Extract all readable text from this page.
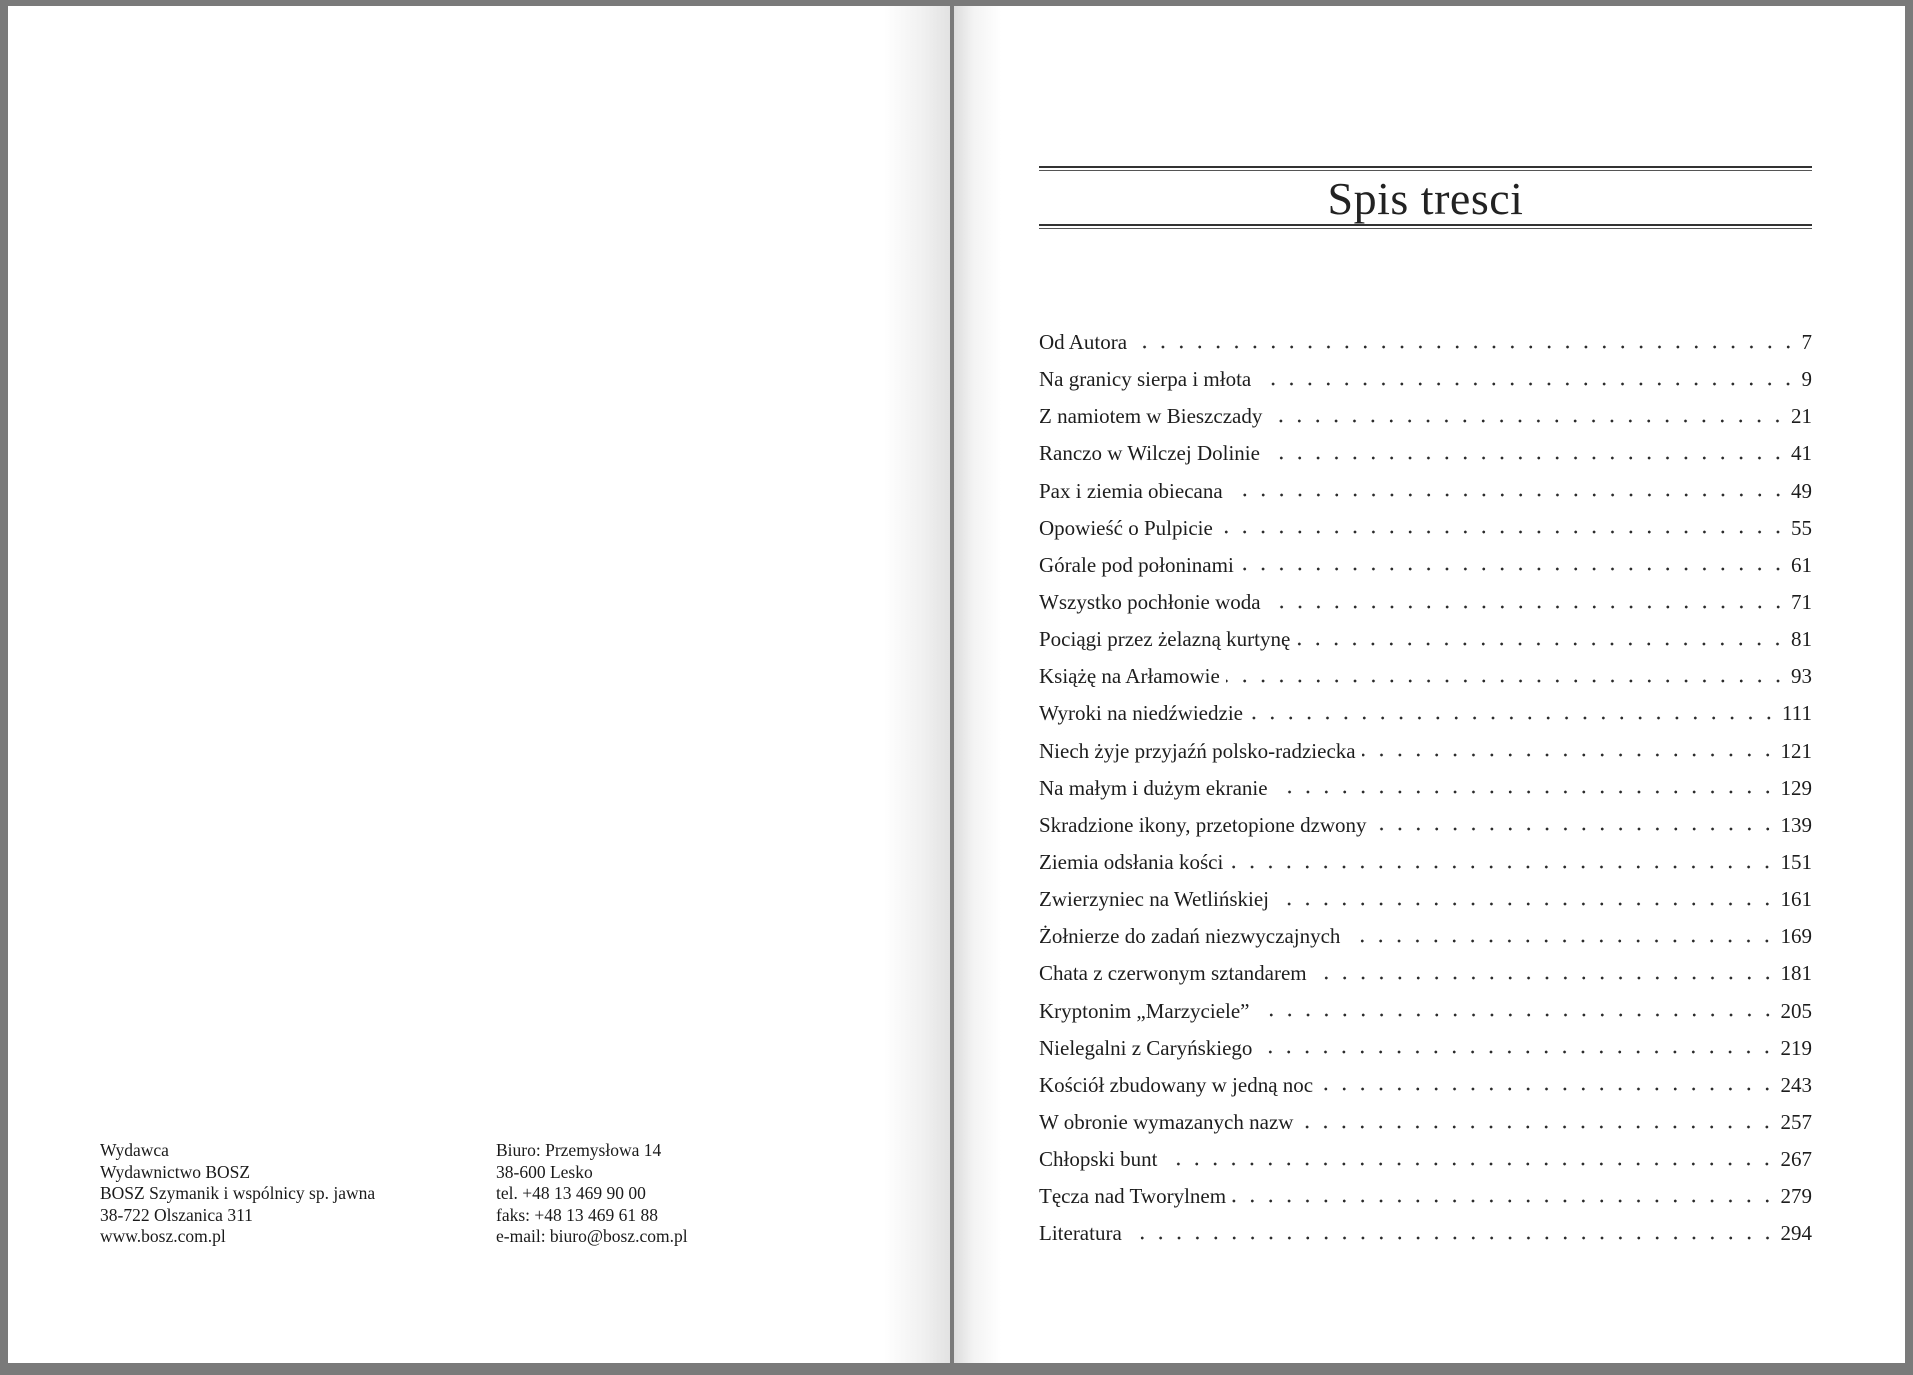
Wydawca
Wydawnictwo BOSZ
BOSZ Szymanik i wspólnicy sp. jawna
38-722 Olszanica 311
www.bosz.com.pl
Biuro: Przemysłowa 14
38-600 Lesko
tel. +48 13 469 90 00
faks: +48 13 469 61 88
e-mail: biuro@bosz.com.pl
Spis tresci
Od Autora	7
Na granicy sierpa i młota	9
Z namiotem w Bieszczady	21
Ranczo w Wilczej Dolinie	41
Pax i ziemia obiecana	49
Opowieść o Pulpicie	55
Górale pod połoninami	61
Wszystko pochłonie woda	71
Pociągi przez żelazną kurtynę	81
Książę na Arłamowie	93
Wyroki na niedźwiedzie	111
Niech żyje przyjaźń polsko-radziecka	121
Na małym i dużym ekranie	129
Skradzione ikony, przetopione dzwony	139
Ziemia odsłania kości	151
Zwierzyniec na Wetlińskiej	161
Żołnierze do zadań niezwyczajnych	169
Chata z czerwonym sztandarem	181
Kryptonim „Marzyciele”	205
Nielegalni z Caryńskiego	219
Kościół zbudowany w jedną noc	243
W obronie wymazanych nazw	257
Chłopski bunt	267
Tęcza nad Tworylnem	279
Literatura	294
